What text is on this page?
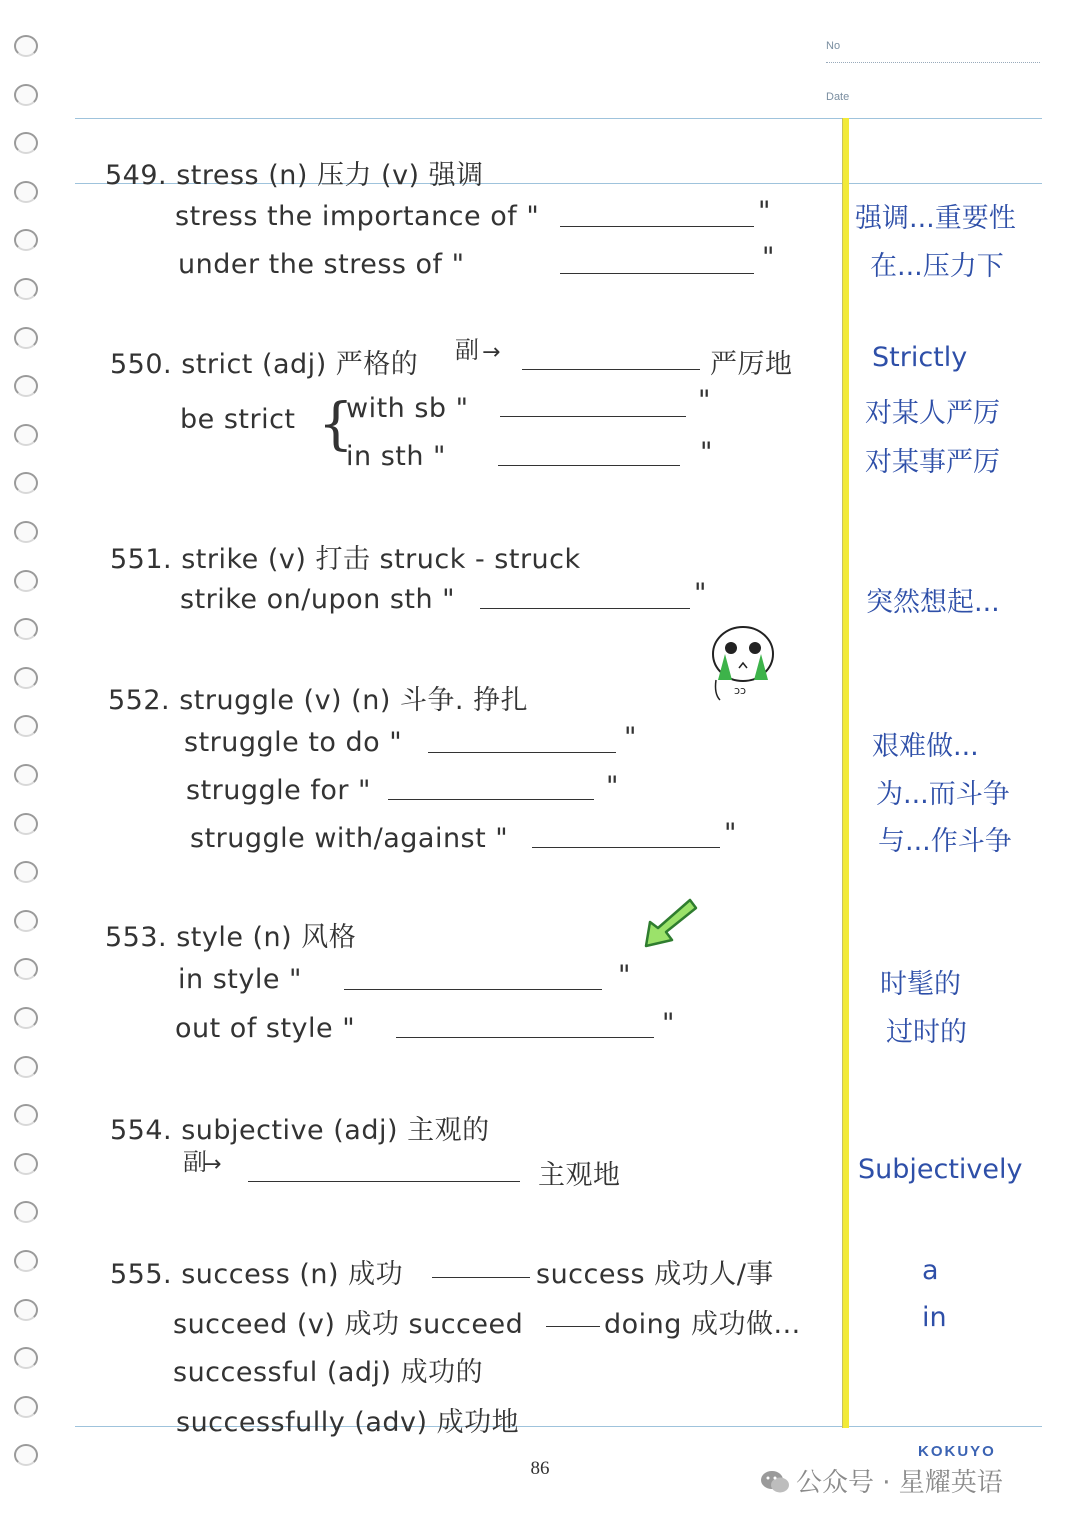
No
Date
549. stress (n) 压力 (v) 强调
stress the importance of "	"
under the stress of "	"
强调...重要性
在...压力下
550. strict (adj) 严格的 副 →	严厉地
be strict {
with sb "	"
in sth "	"
Strictly
对某人严厉
对某事严厉
551. strike (v) 打击 struck - struck
strike on/upon sth "	"	突然想起...
ɔɔ
552. struggle (v) (n) 斗争. 挣扎
struggle to do "	"
struggle for "	"
struggle with/against "	"
艰难做...
为...而斗争
与...作斗争
553. style (n) 风格
in style "	"
out of style "	"
时髦的
过时的
554. subjective (adj) 主观的
副
→	主观地	Subjectively
555. success (n) 成功	success 成功人/事
succeed (v) 成功 succeed	doing 成功做...
successful (adj) 成功的
successfully (adv) 成功地
a
in
86
KOKUYO
公众号 · 星耀英语
